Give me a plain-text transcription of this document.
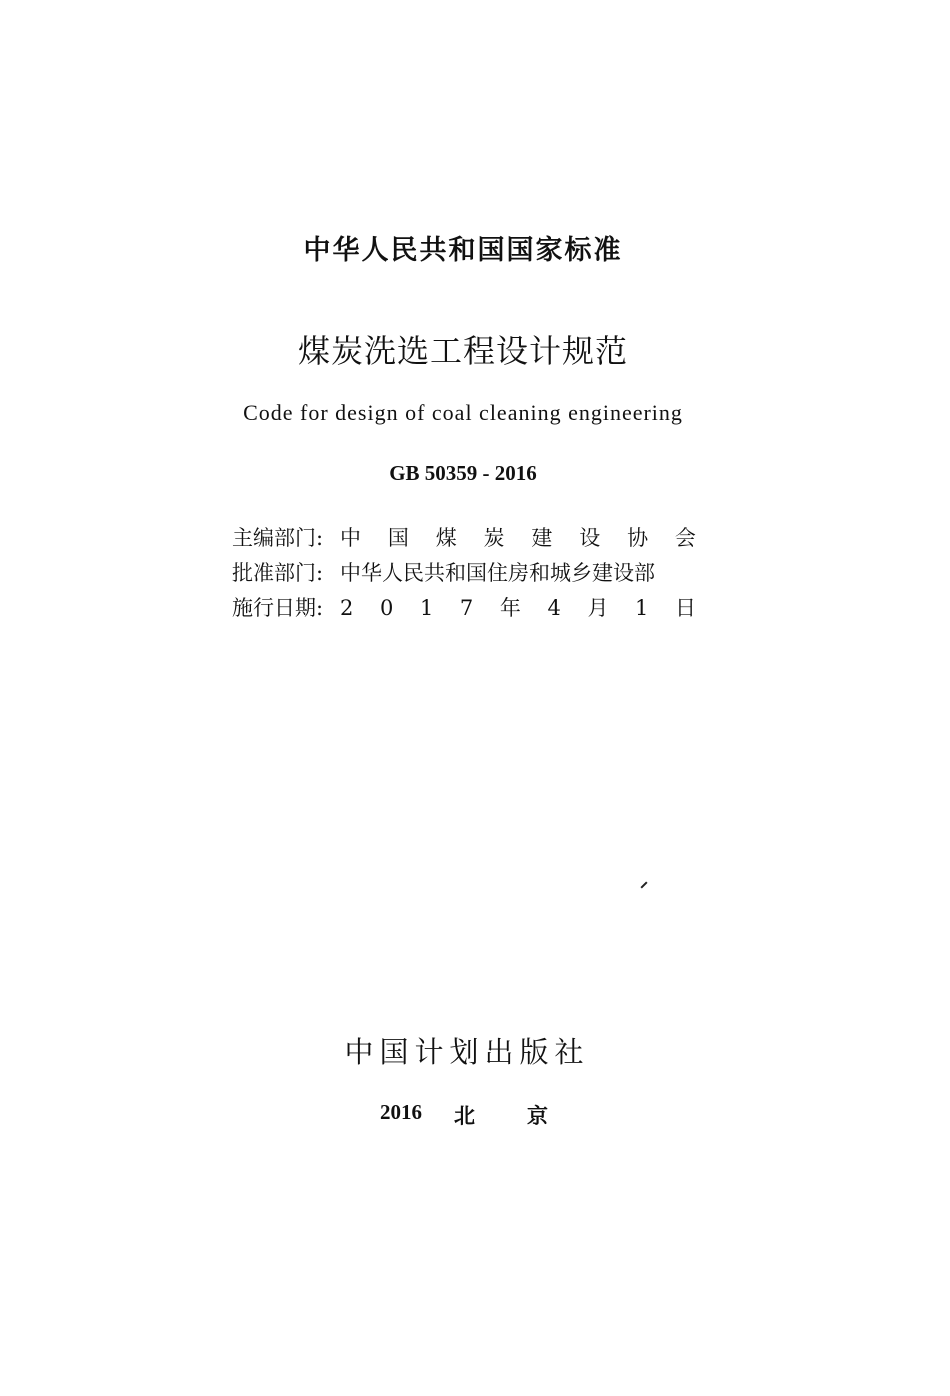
中华人民共和国国家标准
煤炭洗选工程设计规范
Code for design of coal cleaning engineering
GB 50359 - 2016
主编部门: 中 国 煤 炭 建 设 协 会
批准部门: 中华人民共和国住房和城乡建设部
施行日期: 2 0 1 7 年 4 月 1 日
中国计划出版社
2016 北 京
